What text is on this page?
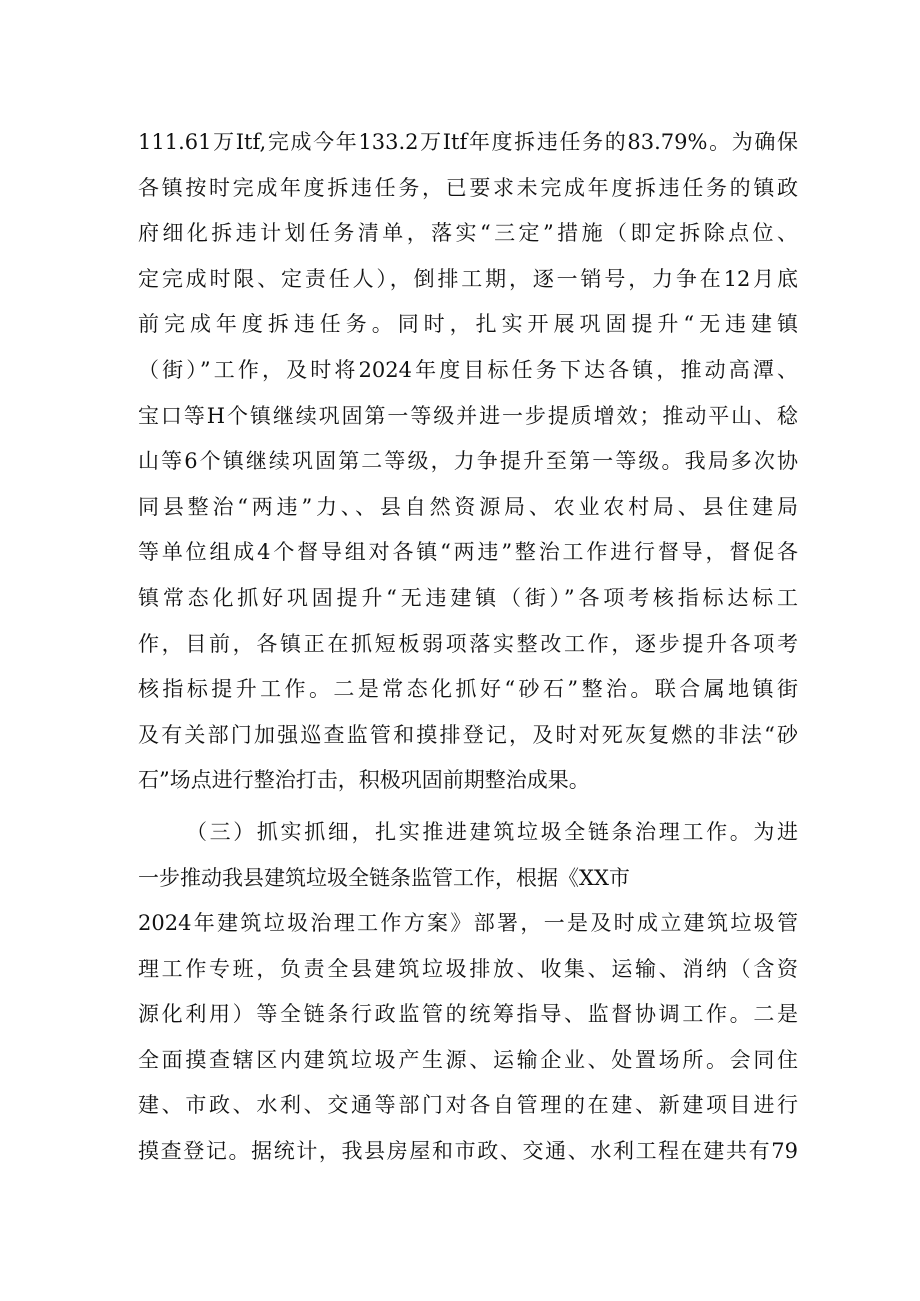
111.61万Itf,完成今年133.2万Itf年度拆违任务的83.79%。为确保
各镇按时完成年度拆违任务，已要求未完成年度拆违任务的镇政
府细化拆违计划任务清单，落实“三定”措施（即定拆除点位、
定完成时限、定责任人），倒排工期，逐一销号，力争在12月底
前完成年度拆违任务。同时，扎实开展巩固提升“无违建镇
（街）”工作，及时将2024年度目标任务下达各镇，推动高潭、
宝口等H个镇继续巩固第一等级并进一步提质增效；推动平山、稔
山等6个镇继续巩固第二等级，力争提升至第一等级。我局多次协
同县整治“两违”力、、县自然资源局、农业农村局、县住建局
等单位组成4个督导组对各镇“两违”整治工作进行督导，督促各
镇常态化抓好巩固提升“无违建镇（街）”各项考核指标达标工
作，目前，各镇正在抓短板弱项落实整改工作，逐步提升各项考
核指标提升工作。二是常态化抓好“砂石”整治。联合属地镇街
及有关部门加强巡查监管和摸排登记，及时对死灰复燃的非法“砂
石”场点进行整治打击，积极巩固前期整治成果。
（三）抓实抓细，扎实推进建筑垃圾全链条治理工作。为进
一步推动我县建筑垃圾全链条监管工作，根据《XX市
2024年建筑垃圾治理工作方案》部署，一是及时成立建筑垃圾管
理工作专班，负责全县建筑垃圾排放、收集、运输、消纳（含资
源化利用）等全链条行政监管的统筹指导、监督协调工作。二是
全面摸查辖区内建筑垃圾产生源、运输企业、处置场所。会同住
建、市政、水利、交通等部门对各自管理的在建、新建项目进行
摸查登记。据统计，我县房屋和市政、交通、水利工程在建共有79
